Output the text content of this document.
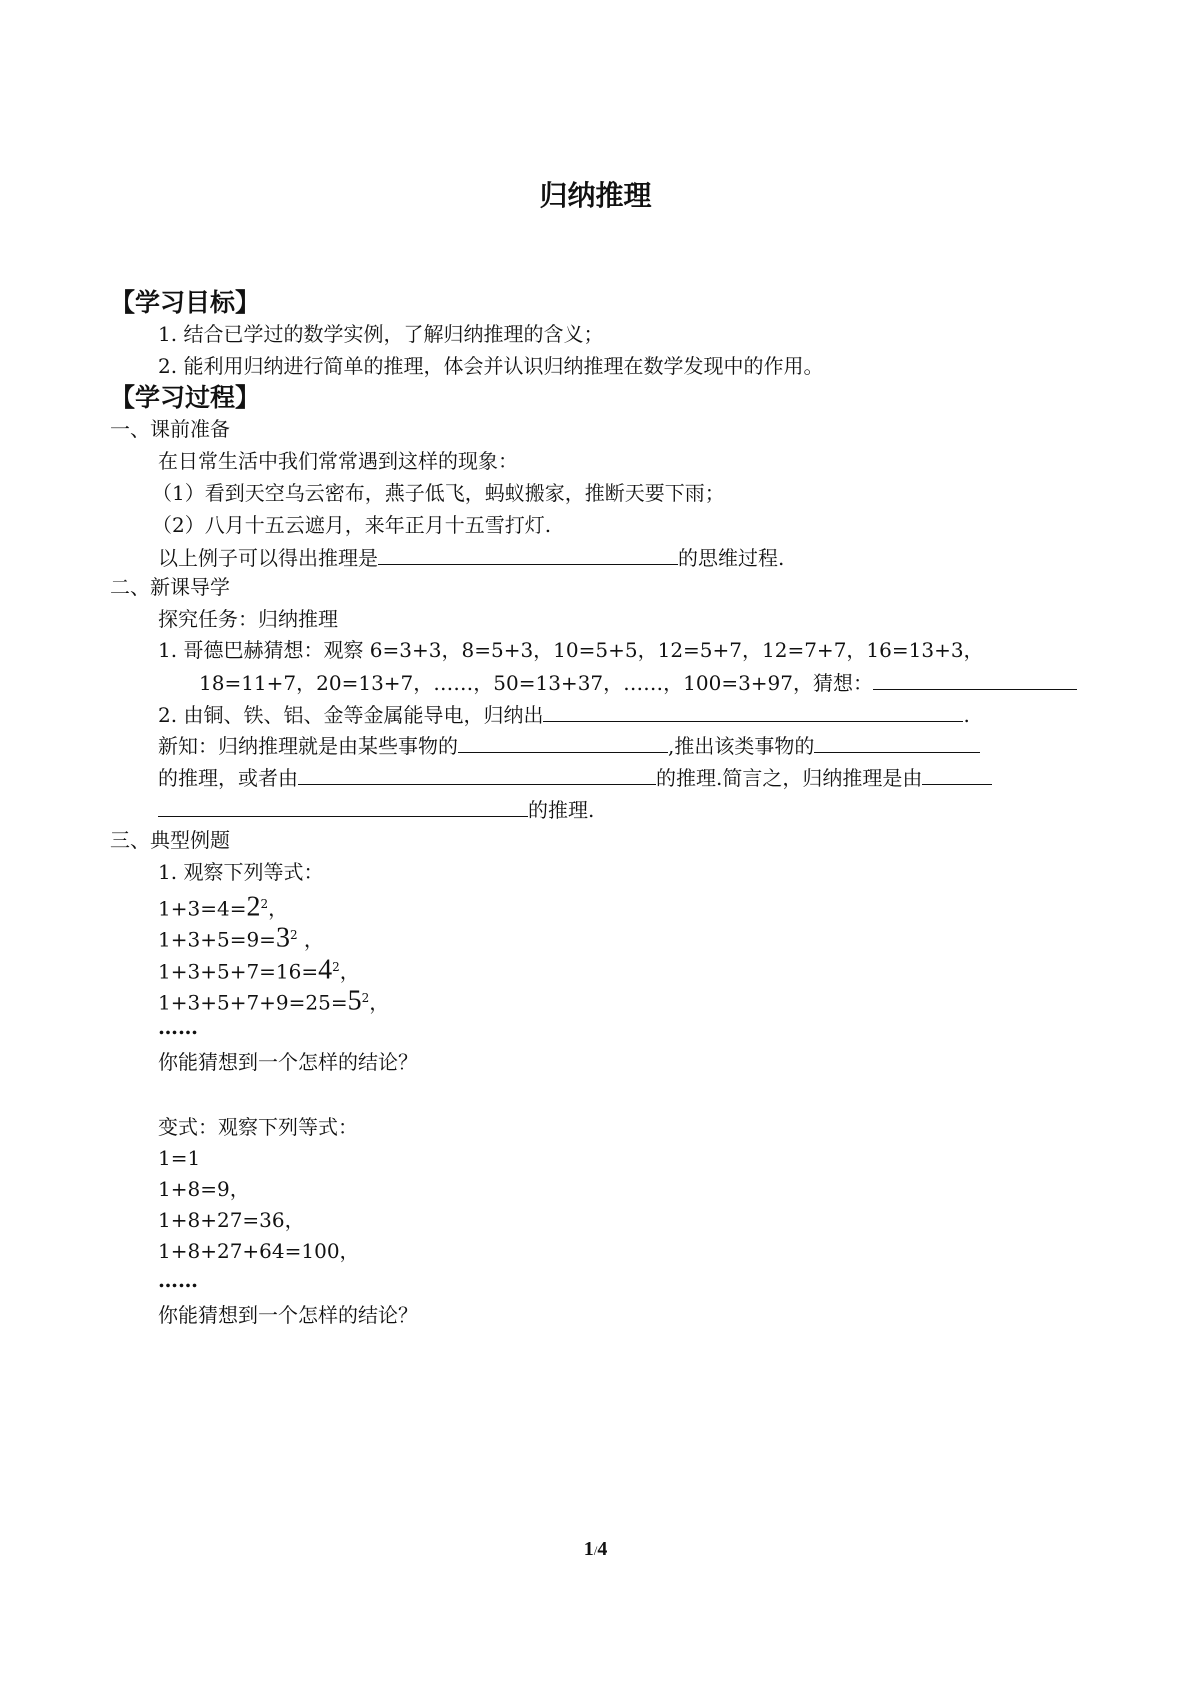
归纳推理
【学习目标】
1. 结合已学过的数学实例，了解归纳推理的含义；
2. 能利用归纳进行简单的推理，体会并认识归纳推理在数学发现中的作用。
【学习过程】
一、课前准备
在日常生活中我们常常遇到这样的现象：
（1）看到天空乌云密布，燕子低飞，蚂蚁搬家，推断天要下雨；
（2）八月十五云遮月，来年正月十五雪打灯.
以上例子可以得出推理是	的思维过程.
二、新课导学
探究任务：归纳推理
1. 哥德巴赫猜想：观察 6=3+3，8=5+3，10=5+5，12=5+7，12=7+7，16=13+3，
18=11+7，20=13+7，……，50=13+37，……，100=3+97，猜想：
2. 由铜、铁、铝、金等金属能导电，归纳出	.
新知：归纳推理就是由某些事物的	,推出该类事物的
的推理，或者由	的推理.简言之，归纳推理是由
的推理.
三、典型例题
1. 观察下列等式：
$1+3=4=2^2$，
$1+3+5=9=3^2$ ，
$1+3+5+7=16=4^2$，
$1+3+5+7+9=25=5^2$，
……
你能猜想到一个怎样的结论？
变式：观察下列等式：
1=1
1+8=9，
1+8+27=36，
1+8+27+64=100，
……
你能猜想到一个怎样的结论？
1/4
